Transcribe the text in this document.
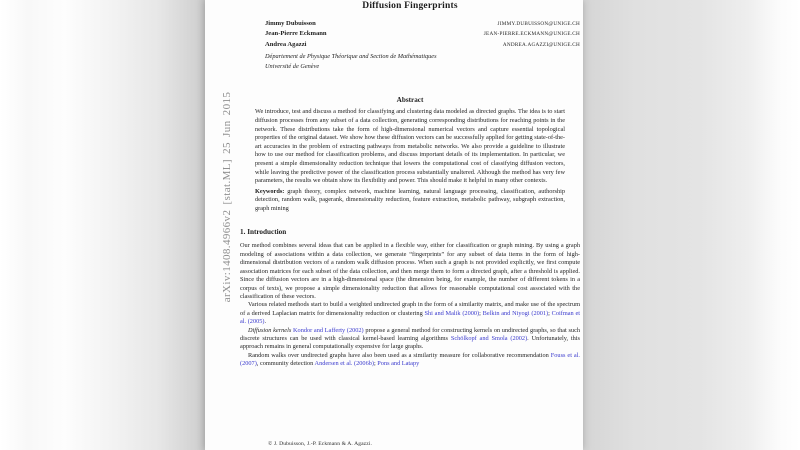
arXiv:1408.4966v2 [stat.ML] 25 Jun 2015
Diffusion Fingerprints
Jimmy Dubuisson	JIMMY.DUBUISSON@UNIGE.CH
Jean-Pierre Eckmann	JEAN-PIERRE.ECKMANN@UNIGE.CH
Andrea Agazzi	ANDREA.AGAZZI@UNIGE.CH
Département de Physique Théorique and Section de Mathématiques
Université de Genève
Abstract

We introduce, test and discuss a method for classifying and clustering data modeled as directed graphs. The idea is to start diffusion processes from any subset of a data collection, generating corresponding distributions for reaching points in the network. These distributions take the form of high-dimensional numerical vectors and capture essential topological properties of the original dataset. We show how these diffusion vectors can be successfully applied for getting state-of-the-art accuracies in the problem of extracting pathways from metabolic networks. We also provide a guideline to illustrate how to use our method for classification problems, and discuss important details of its implementation. In particular, we present a simple dimensionality reduction technique that lowers the computational cost of classifying diffusion vectors, while leaving the predictive power of the classification process substantially unaltered. Although the method has very few parameters, the results we obtain show its flexibility and power. This should make it helpful in many other contexts.

Keywords: graph theory, complex network, machine learning, natural language processing, classification, authorship detection, random walk, pagerank, dimensionality reduction, feature extraction, metabolic pathway, subgraph extraction, graph mining

1. Introduction

Our method combines several ideas that can be applied in a flexible way, either for classification or graph mining. By using a graph modeling of associations within a data collection, we generate “fingerprints” for any subset of data items in the form of high-dimensional distribution vectors of a random walk diffusion process. When such a graph is not provided explicitly, we first compute association matrices for each subset of the data collection, and then merge them to form a directed graph, after a threshold is applied. Since the diffusion vectors are in a high-dimensional space (the dimension being, for example, the number of different tokens in a corpus of texts), we propose a simple dimensionality reduction that allows for reasonable computational cost associated with the classification of these vectors.

Various related methods start to build a weighted undirected graph in the form of a similarity matrix, and make use of the spectrum of a derived Laplacian matrix for dimensionality reduction or clustering Shi and Malik (2000); Belkin and Niyogi (2001); Coifman et al. (2005).

Diffusion kernels Kondor and Lafferty (2002) propose a general method for constructing kernels on undirected graphs, so that such discrete structures can be used with classical kernel-based learning algorithms Schölkopf and Smola (2002). Unfortunately, this approach remains in general computationally expensive for large graphs.

Random walks over undirected graphs have also been used as a similarity measure for collaborative recommendation Fouss et al. (2007), community detection Andersen et al. (2006b); Pons and Latapy

© J. Dubuisson, J.-P. Eckmann & A. Agazzi.
